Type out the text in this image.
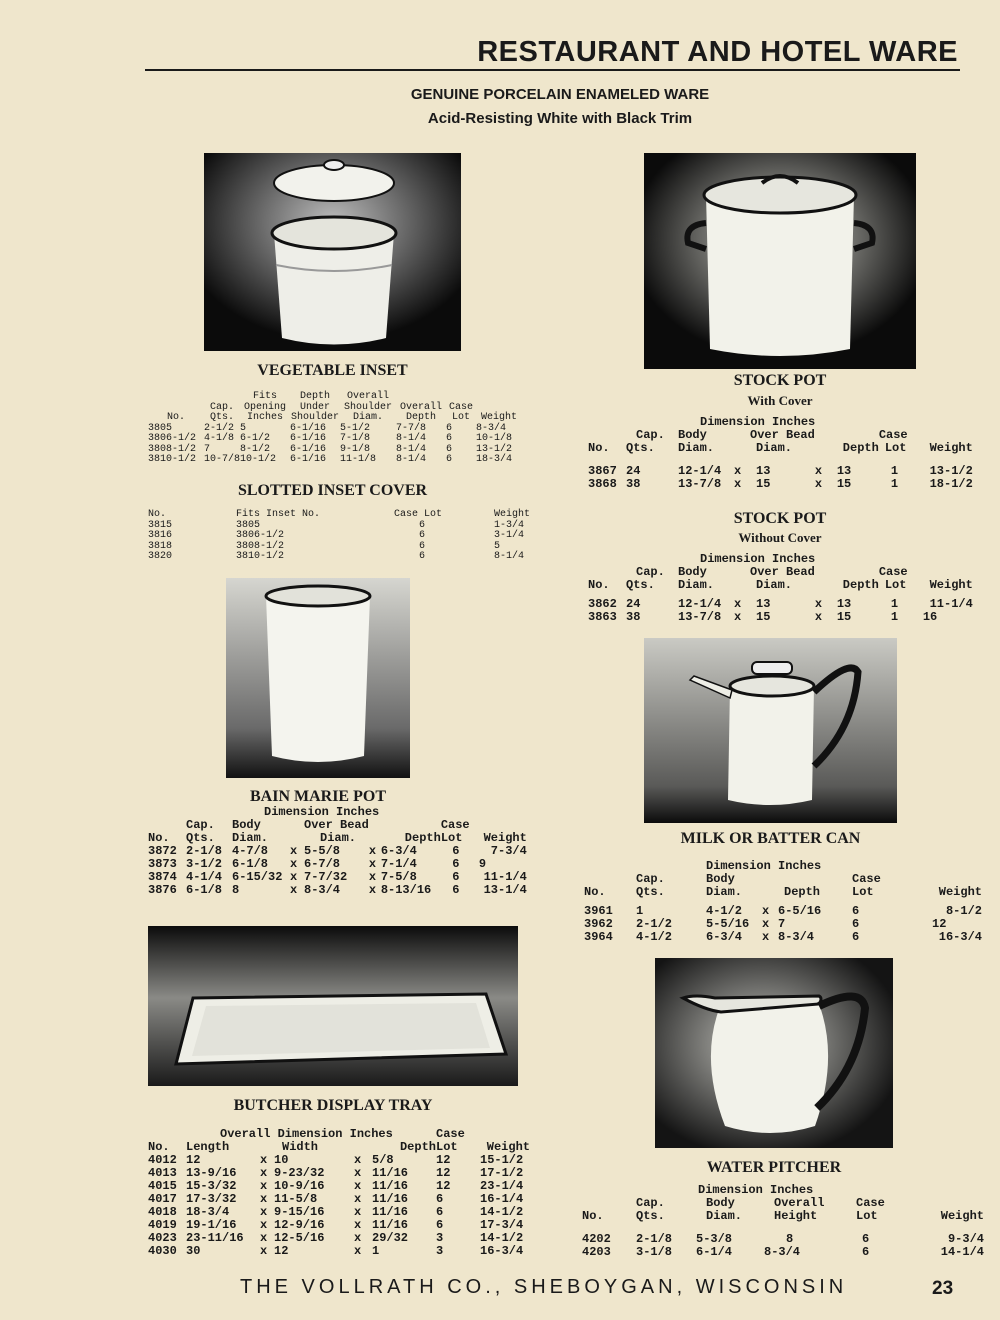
RESTAURANT AND HOTEL WARE
GENUINE PORCELAIN ENAMELED WARE
Acid-Resisting White with Black Trim
VEGETABLE INSET
		Fits	Depth	Overall			
	Cap.	Opening	Under	Shoulder	Overall	Case	
No.	Qts.	Inches	Shoulder	Diam.	Depth	Lot	Weight
3805	2-1/2	5	6-1/16	5-1/2	7-7/8	6	8-3/4
3806-1/2	4-1/8	6-1/2	6-1/16	7-1/8	8-1/4	6	10-1/8
3808-1/2	7	8-1/2	6-1/16	9-1/8	8-1/4	6	13-1/2
3810-1/2	10-7/8	10-1/2	6-1/16	11-1/8	8-1/4	6	18-3/4
SLOTTED INSET COVER
No.	Fits Inset No.	Case Lot	Weight
3815	3805	6	1-3/4
3816	3806-1/2	6	3-1/4
3818	3808-1/2	6	5
3820	3810-1/2	6	8-1/4
BAIN MARIE POT
		Dimension Inches						
	Cap.	Body		Over Bead			Case	
No.	Qts.	Diam.		Diam.		Depth	Lot	Weight
3872	2-1/8	4-7/8	x	5-5/8	x	6-3/4	6	7-3/4
3873	3-1/2	6-1/8	x	6-7/8	x	7-1/4	6	9
3874	4-1/4	6-15/32	x	7-7/32	x	7-5/8	6	11-1/4
3876	6-1/8	8	x	8-3/4	x	8-13/16	6	13-1/4
BUTCHER DISPLAY TRAY
	Overall Dimension Inches					Case	
No.	Length		Width		Depth	Lot	Weight
4012	12	x	10	x	5/8	12	15-1/2
4013	13-9/16	x	9-23/32	x	11/16	12	17-1/2
4015	15-3/32	x	10-9/16	x	11/16	12	23-1/4
4017	17-3/32	x	11-5/8	x	11/16	6	16-1/4
4018	18-3/4	x	9-15/16	x	11/16	6	14-1/2
4019	19-1/16	x	12-9/16	x	11/16	6	17-3/4
4023	23-11/16	x	12-5/16	x	29/32	3	14-1/2
4030	30	x	12	x	1	3	16-3/4
STOCK POT
With Cover
		Dimension Inches						
	Cap.	Body		Over Bead			Case	
No.	Qts.	Diam.		Diam.		Depth	Lot	Weight
3867	24	12-1/4	x	13	x	13	1	13-1/2
3868	38	13-7/8	x	15	x	15	1	18-1/2
STOCK POT
Without Cover
		Dimension Inches						
	Cap.	Body		Over Bead			Case	
No.	Qts.	Diam.		Diam.		Depth	Lot	Weight
3862	24	12-1/4	x	13	x	13	1	11-1/4
3863	38	13-7/8	x	15	x	15	1	16
MILK OR BATTER CAN
		Dimension Inches				
	Cap.	Body			Case	
No.	Qts.	Diam.		Depth	Lot	Weight
3961	1	4-1/2	x	6-5/16	6	8-1/2
3962	2-1/2	5-5/16	x	7	6	12
3964	4-1/2	6-3/4	x	8-3/4	6	16-3/4
WATER PITCHER
		Dimension Inches			
	Cap.	Body	Overall	Case	
No.	Qts.	Diam.	Height	Lot	Weight
4202	2-1/8	5-3/8	8	6	9-3/4
4203	3-1/8	6-1/4	8-3/4	6	14-1/4
THE VOLLRATH CO., SHEBOYGAN, WISCONSIN	23
